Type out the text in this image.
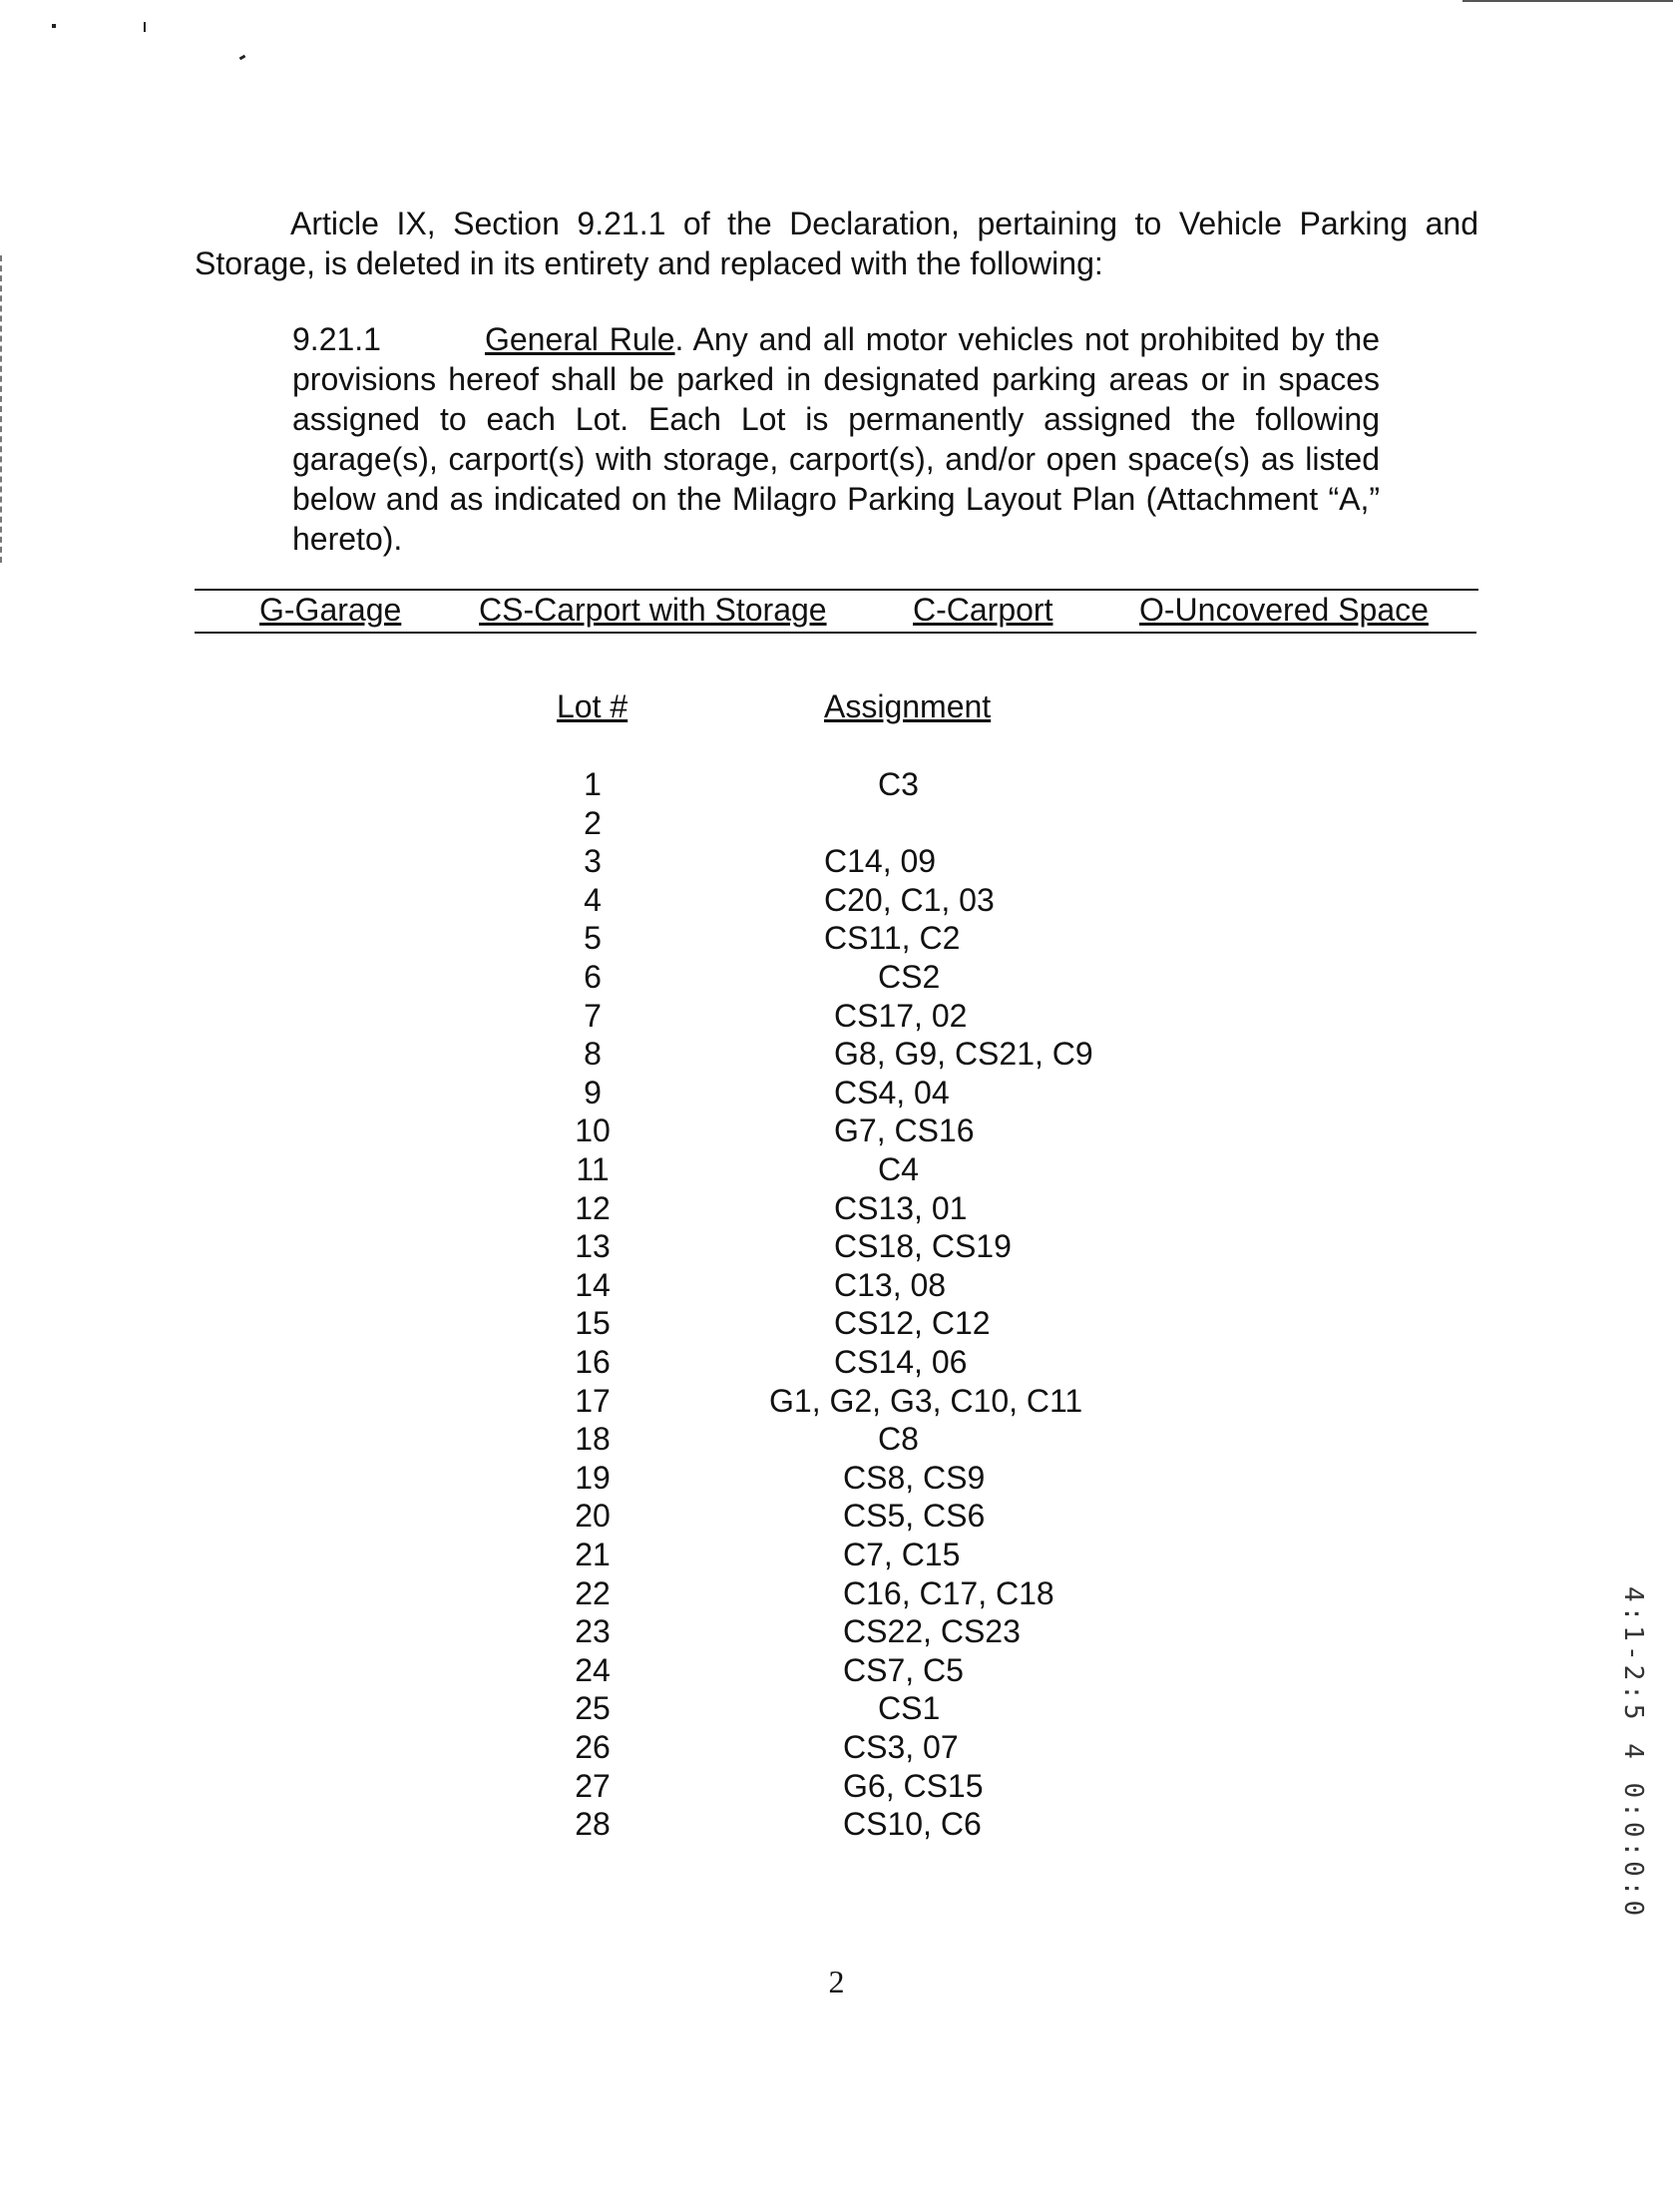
Article IX, Section 9.21.1 of the Declaration, pertaining to Vehicle Parking and Storage, is deleted in its entirety and replaced with the following:

9.21.1	General Rule. Any and all motor vehicles not prohibited by the provisions hereof shall be parked in designated parking areas or in spaces assigned to each Lot. Each Lot is permanently assigned the following garage(s), carport(s) with storage, carport(s), and/or open space(s) as listed below and as indicated on the Milagro Parking Layout Plan (Attachment “A,” hereto).
G-Garage CS-Carport with Storage	C-Carport	O-Uncovered Space
Lot #	Assignment
1	C3
2
3	C14, 09
4	C20, C1, 03
5	CS11, C2
6	CS2
7	CS17, 02
8	G8, G9, CS21, C9
9	CS4, 04
10	G7, CS16
11	C4
12	CS13, 01
13	CS18, CS19
14	C13, 08
15	CS12, C12
16	CS14, 06
17	G1, G2, G3, C10, C11
18	C8
19	CS8, CS9
20	CS5, CS6
21	C7, C15
22	C16, C17, C18
23	CS22, CS23
24	CS7, C5
25	CS1
26	CS3, 07
27	G6, CS15
28	CS10, C6
2
4:1-2:5 4 0:0:0:0
